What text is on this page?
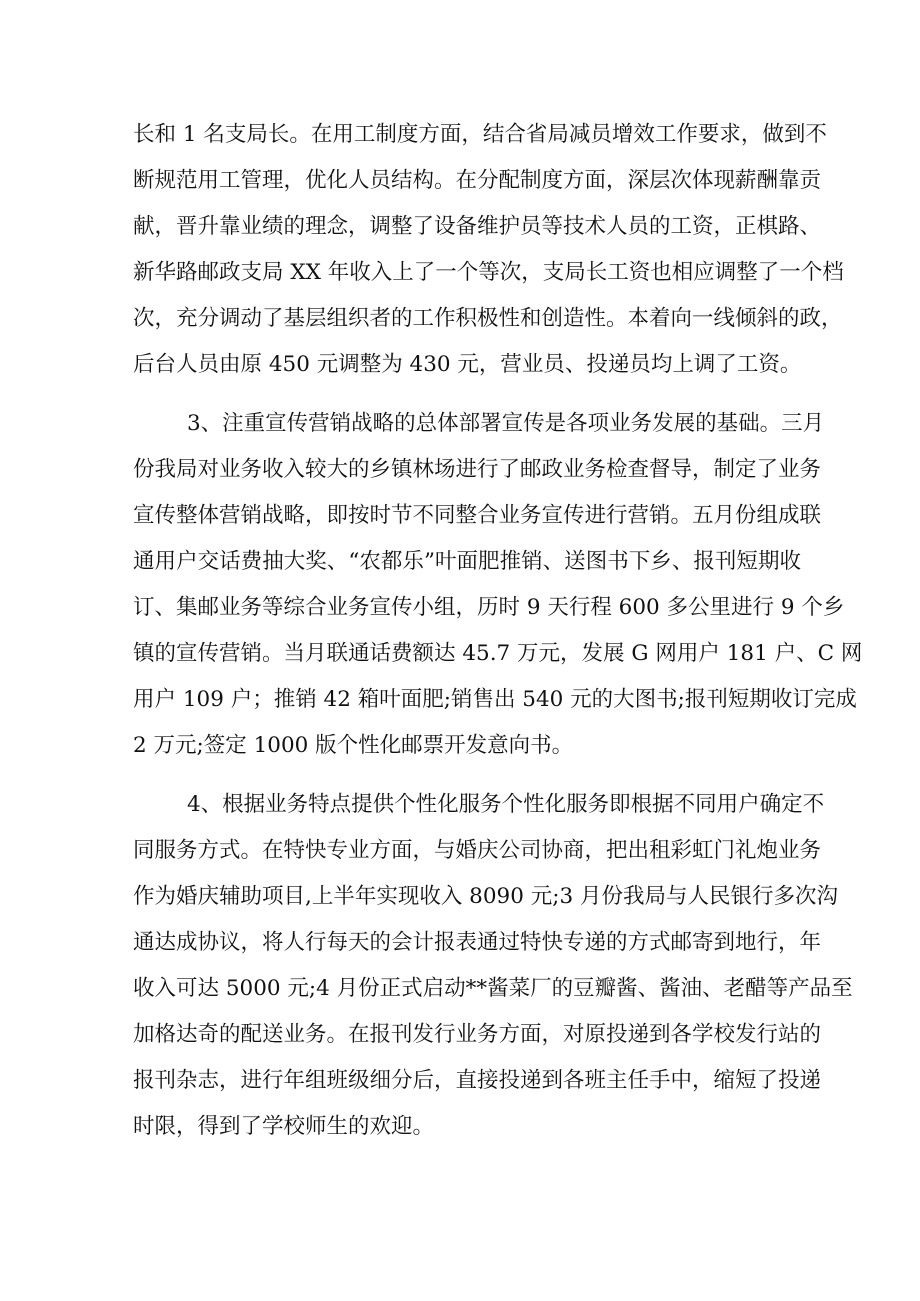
长和 1 名支局长。在用工制度方面，结合省局减员增效工作要求，做到不
断规范用工管理，优化人员结构。在分配制度方面，深层次体现薪酬靠贡
献，晋升靠业绩的理念，调整了设备维护员等技术人员的工资，正棋路、
新华路邮政支局 XX 年收入上了一个等次，支局长工资也相应调整了一个档
次，充分调动了基层组织者的工作积极性和创造性。本着向一线倾斜的政，
后台人员由原 450 元调整为 430 元，营业员、投递员均上调了工资。
3、注重宣传营销战略的总体部署宣传是各项业务发展的基础。三月
份我局对业务收入较大的乡镇林场进行了邮政业务检查督导，制定了业务
宣传整体营销战略，即按时节不同整合业务宣传进行营销。五月份组成联
通用户交话费抽大奖、“农都乐”叶面肥推销、送图书下乡、报刊短期收
订、集邮业务等综合业务宣传小组，历时 9 天行程 600 多公里进行 9 个乡
镇的宣传营销。当月联通话费额达 45.7 万元，发展 G 网用户 181 户、C 网
用户 109 户；推销 42 箱叶面肥;销售出 540 元的大图书;报刊短期收订完成
2 万元;签定 1000 版个性化邮票开发意向书。
4、根据业务特点提供个性化服务个性化服务即根据不同用户确定不
同服务方式。在特快专业方面，与婚庆公司协商，把出租彩虹门礼炮业务
作为婚庆辅助项目,上半年实现收入 8090 元;3 月份我局与人民银行多次沟
通达成协议，将人行每天的会计报表通过特快专递的方式邮寄到地行，年
收入可达 5000 元;4 月份正式启动**酱菜厂的豆瓣酱、酱油、老醋等产品至
加格达奇的配送业务。在报刊发行业务方面，对原投递到各学校发行站的
报刊杂志，进行年组班级细分后，直接投递到各班主任手中，缩短了投递
时限，得到了学校师生的欢迎。
